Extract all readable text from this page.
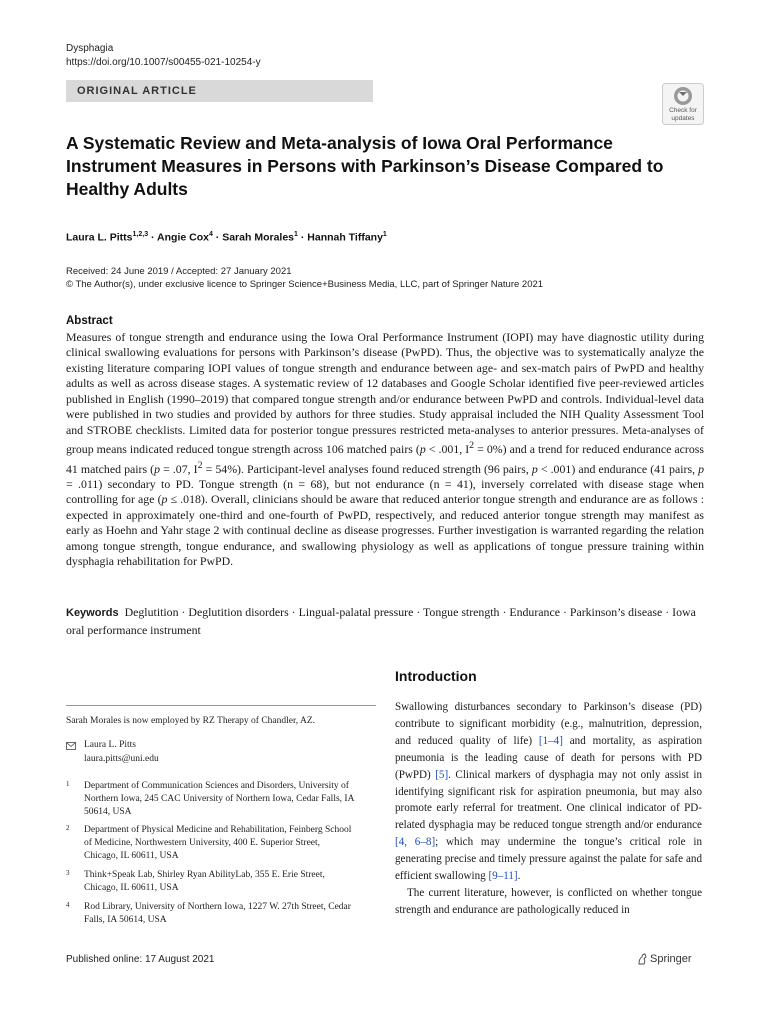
Dysphagia
https://doi.org/10.1007/s00455-021-10254-y
ORIGINAL ARTICLE
Check for updates
A Systematic Review and Meta-analysis of Iowa Oral Performance Instrument Measures in Persons with Parkinson’s Disease Compared to Healthy Adults
Laura L. Pitts$^{1,2,3}$ · Angie Cox$^4$ · Sarah Morales$^1$ · Hannah Tiffany$^1$
Received: 24 June 2019 / Accepted: 27 January 2021
© The Author(s), under exclusive licence to Springer Science+Business Media, LLC, part of Springer Nature 2021
Abstract
Measures of tongue strength and endurance using the Iowa Oral Performance Instrument (IOPI) may have diagnostic utility during clinical swallowing evaluations for persons with Parkinson’s disease (PwPD). Thus, the objective was to systematically analyze the existing literature comparing IOPI values of tongue strength and endurance between age- and sex-match pairs of PwPD and healthy adults as well as across disease stages. A systematic review of 12 databases and Google Scholar identified five peer-reviewed articles published in English (1990–2019) that compared tongue strength and/or endurance between PwPD and controls. Individual-level data were published in two studies and provided by authors for three studies. Study appraisal included the NIH Quality Assessment Tool and STROBE checklists. Limited data for posterior tongue pressures restricted meta-analyses to anterior pressures. Meta-analyses of group means indicated reduced tongue strength across 106 matched pairs (p < .001, $I^2 = 0\%$) and a trend for reduced endurance across 41 matched pairs (p = .07, $I^2 = 54\%$). Participant-level analyses found reduced strength (96 pairs, p < .001) and endurance (41 pairs, p = .011) secondary to PD. Tongue strength (n = 68), but not endurance (n = 41), inversely correlated with disease stage when controlling for age (p ≤ .018). Overall, clinicians should be aware that reduced anterior tongue strength and endurance are as follows : expected in approximately one-third and one-fourth of PwPD, respectively, and reduced anterior tongue strength may manifest as early as Hoehn and Yahr stage 2 with continual decline as disease progresses. Further investigation is warranted regarding the relation among tongue strength, tongue endurance, and swallowing physiology as well as applications of tongue pressure training within dysphagia rehabilitation for PwPD.
Keywords Deglutition · Deglutition disorders · Lingual-palatal pressure · Tongue strength · Endurance · Parkinson’s disease · Iowa oral performance instrument
Introduction
Swallowing disturbances secondary to Parkinson’s disease (PD) contribute to significant morbidity (e.g., malnutrition, depression, and reduced quality of life) [1–4] and mortality, as aspiration pneumonia is the leading cause of death for persons with PD (PwPD) [5]. Clinical markers of dysphagia may not only assist in identifying significant risk for aspiration pneumonia, but may also promote early referral for treatment. One clinical indicator of PD-related dysphagia may be reduced tongue strength and/or endurance [4, 6–8]; which may undermine the tongue’s critical role in generating precise and timely pressure against the palate for safe and efficient swallowing [9–11].
The current literature, however, is conflicted on whether tongue strength and endurance are pathologically reduced in
Sarah Morales is now employed by RZ Therapy of Chandler, AZ.
Laura L. Pitts
laura.pitts@uni.edu
1 Department of Communication Sciences and Disorders, University of Northern Iowa, 245 CAC University of Northern Iowa, Cedar Falls, IA 50614, USA
2 Department of Physical Medicine and Rehabilitation, Feinberg School of Medicine, Northwestern University, 400 E. Superior Street, Chicago, IL 60611, USA
3 Think+Speak Lab, Shirley Ryan AbilityLab, 355 E. Erie Street, Chicago, IL 60611, USA
4 Rod Library, University of Northern Iowa, 1227 W. 27th Street, Cedar Falls, IA 50614, USA
Published online: 17 August 2021	Springer
